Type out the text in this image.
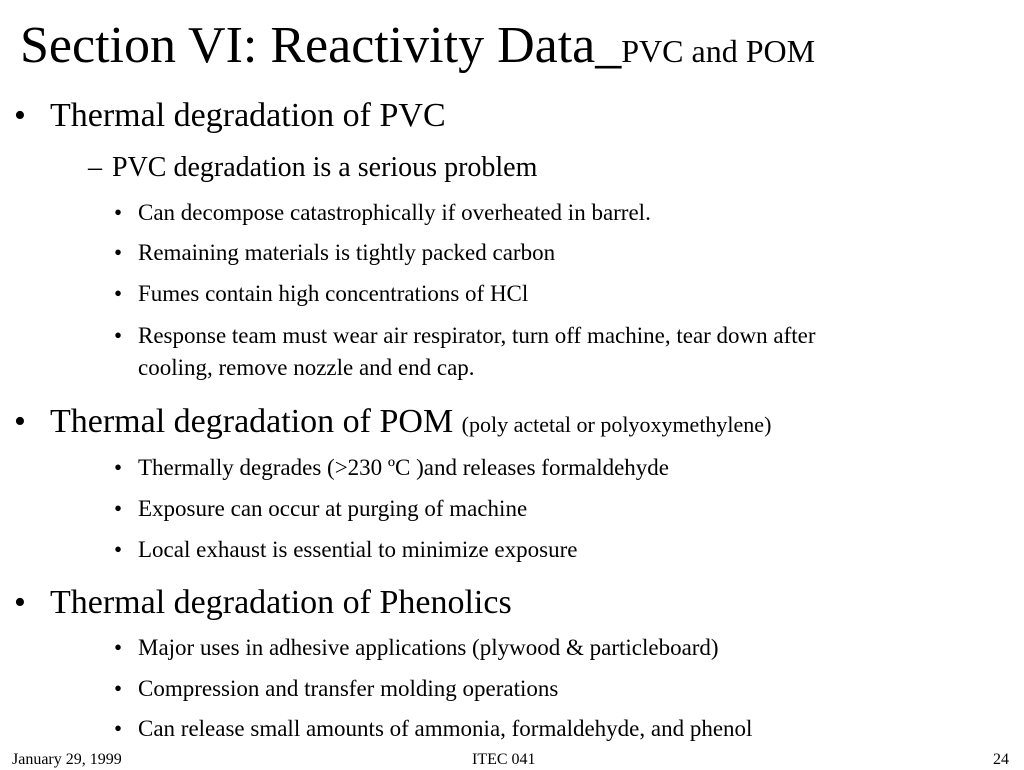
Section VI: Reactivity Data_PVC and POM
• Thermal degradation of PVC
– PVC degradation is a serious problem
• Can decompose catastrophically if overheated in barrel.
• Remaining materials is tightly packed carbon
• Fumes contain high concentrations of HCl
• Response team must wear air respirator, turn off machine, tear down after
cooling, remove nozzle and end cap.
• Thermal degradation of POM (poly actetal or polyoxymethylene)
• Thermally degrades (>230 ºC )and releases formaldehyde
• Exposure can occur at purging of machine
• Local exhaust is essential to minimize exposure
• Thermal degradation of Phenolics
• Major uses in adhesive applications (plywood & particleboard)
• Compression and transfer molding operations
• Can release small amounts of ammonia, formaldehyde, and phenol
January 29, 1999	ITEC 041	24
